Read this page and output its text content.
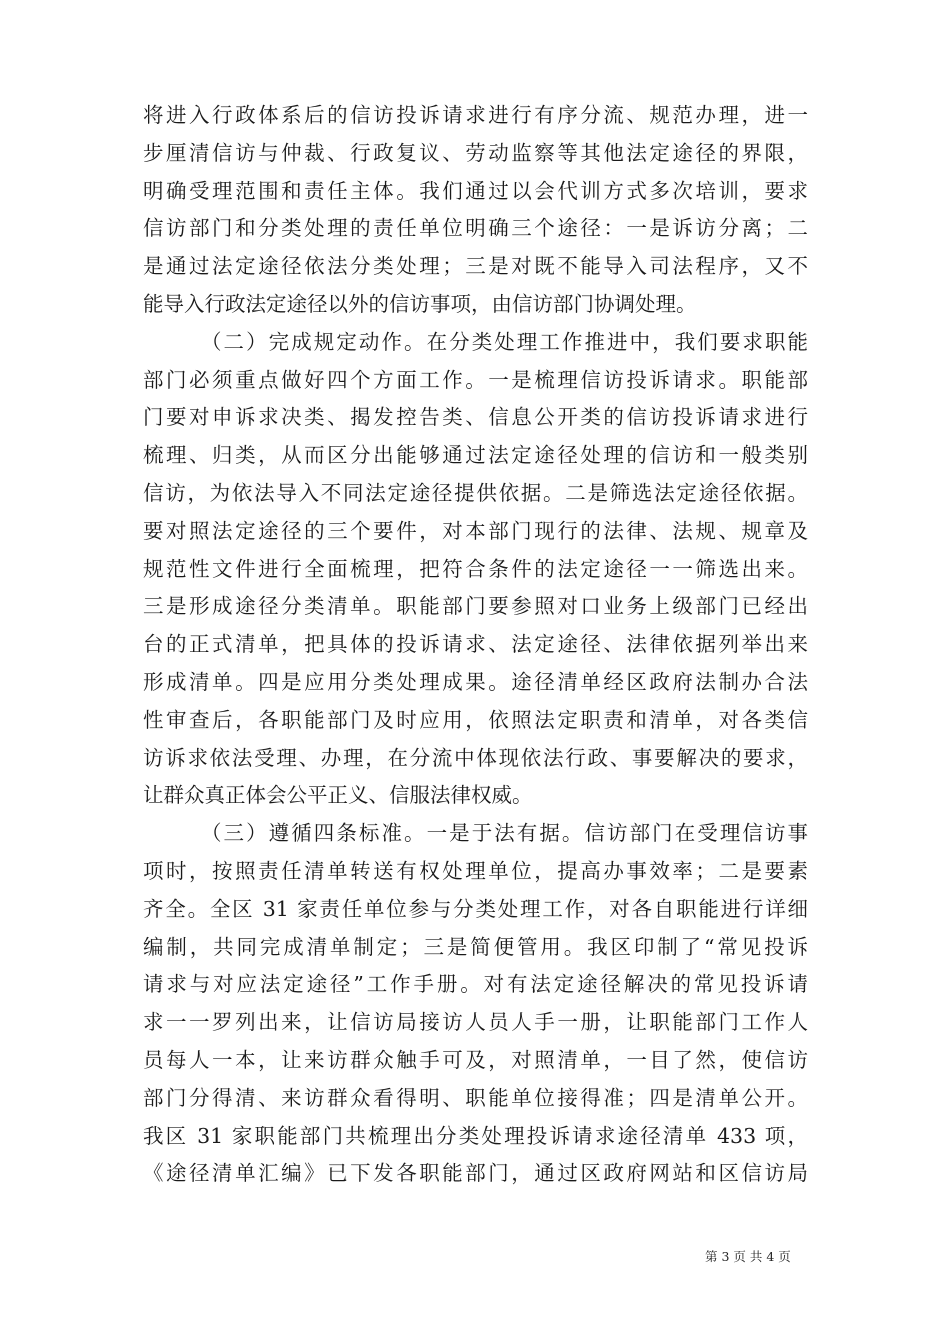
将进入行政体系后的信访投诉请求进行有序分流、规范办理，进一
步厘清信访与仲裁、行政复议、劳动监察等其他法定途径的界限，
明确受理范围和责任主体。我们通过以会代训方式多次培训，要求
信访部门和分类处理的责任单位明确三个途径：一是诉访分离；二
是通过法定途径依法分类处理；三是对既不能导入司法程序，又不
能导入行政法定途径以外的信访事项，由信访部门协调处理。
（二）完成规定动作。在分类处理工作推进中，我们要求职能
部门必须重点做好四个方面工作。一是梳理信访投诉请求。职能部
门要对申诉求决类、揭发控告类、信息公开类的信访投诉请求进行
梳理、归类，从而区分出能够通过法定途径处理的信访和一般类别
信访，为依法导入不同法定途径提供依据。二是筛选法定途径依据。
要对照法定途径的三个要件，对本部门现行的法律、法规、规章及
规范性文件进行全面梳理，把符合条件的法定途径一一筛选出来。
三是形成途径分类清单。职能部门要参照对口业务上级部门已经出
台的正式清单，把具体的投诉请求、法定途径、法律依据列举出来
形成清单。四是应用分类处理成果。途径清单经区政府法制办合法
性审查后，各职能部门及时应用，依照法定职责和清单，对各类信
访诉求依法受理、办理，在分流中体现依法行政、事要解决的要求，
让群众真正体会公平正义、信服法律权威。
（三）遵循四条标准。一是于法有据。信访部门在受理信访事
项时，按照责任清单转送有权处理单位，提高办事效率；二是要素
齐全。全区 31 家责任单位参与分类处理工作，对各自职能进行详细
编制，共同完成清单制定；三是简便管用。我区印制了“常见投诉
请求与对应法定途径”工作手册。对有法定途径解决的常见投诉请
求一一罗列出来，让信访局接访人员人手一册，让职能部门工作人
员每人一本，让来访群众触手可及，对照清单，一目了然，使信访
部门分得清、来访群众看得明、职能单位接得准；四是清单公开。
我区 31 家职能部门共梳理出分类处理投诉请求途径清单 433 项，
《途径清单汇编》已下发各职能部门，通过区政府网站和区信访局
第 3 页 共 4 页
